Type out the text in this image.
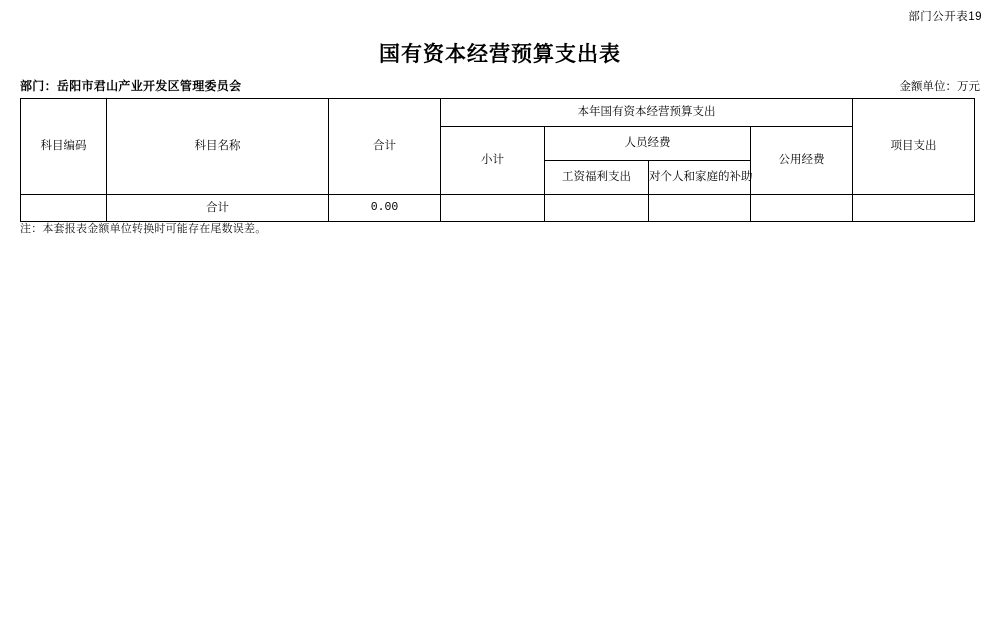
部门公开表19
国有资本经营预算支出表
部门：岳阳市君山产业开发区管理委员会	金额单位：万元
科目编码	科目名称	合计	本年国有资本经营预算支出				项目支出
			小计	人员经费		公用经费	
				工资福利支出	对个人和家庭的补助		
	合计	0.00					
注：本套报表金额单位转换时可能存在尾数误差。
